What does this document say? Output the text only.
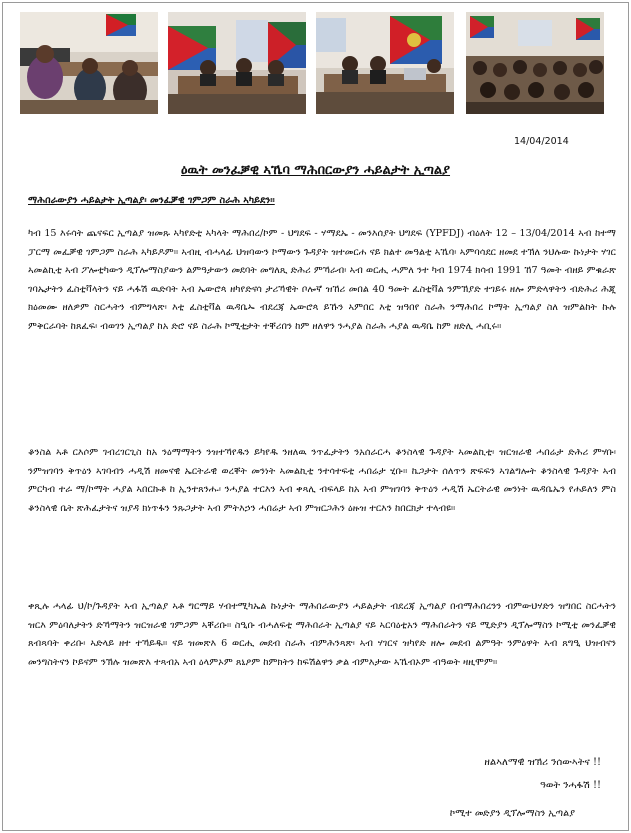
14/04/2014
ዕዉት መንፈቓዊ ኣኼባ ማሕበርውያን ሓይልታት ኢጣልያ
ማሕበራውያን ሓይልታት ኢጣልያ፡ መንፈቓዊ ገምጋም ስራሕ ኣካይደን።
ካብ 15 እሩሳት ጨናፍር ኢጣልያ ዝመጹ ኣካየድቲ ኣካላት ማሕበረ/ኮም - ህግደፍ - ሃማደኤ - መንእሰያት ህግደፍ (YPFDJ) ብዕለት 12 – 13/04/2014 ኣብ ከተማ ፓርማ መፈቓዊ ገምጋም ስራሕ ኣካይዶም። ኣብዚ ብሓላፊ ህዝባውን ኮማውን ጉዳያት ዝተመርሐ ናይ ክልተ መዓልቲ ኣኼባ፡ ኣምባሳደር ዘመደ ተኽለ ንህሉው ኩነታት ሃገር ኣመልኪቲ ኣብ ፖሎቲካውን ዲፕሎማስያውን ልምዓታውን መደባት መግለጺ ድሕሪ ምኻራብ፡ ኣብ ወርሒ ሓምለ ንተ ካብ 1974 ክሳብ 1991 ኸ7 ዓመት ብዘይ ምቁራጽ ገባኤታትን ፈስቲቫላትን ናይ ሓፋሽ ዉድባት ኣብ ኤውሮጳ ዘካየድናሳ ታሪኻዊት ቦሎኛ ዝኸሪ መበል 40 ዓመት ፈስቲቫል ንምኽያድ ተገይሩ ዘሎ ምድላዋትን ብድሕሪ ሕጂ ክዕመሙ ዘለዎም ስርሓትን ብምግላጽ፡ እቲ ፈስቲቫል ዉዳቤኡ ብደረጃ ኤውሮጳ ይኹን ኣምበር እቲ ዝዓበየ ስራሕ ንማሕበረ ኮማት ኢጣልያ ስለ ዝምልከት ኩሉ ምቅርራባት ከጸፈፍ፡ ብወገን ኢጣልያ ከአ ድሮ ናይ ስራሕ ኮሚቲታት ተቐሪበን ከም ዘለዋን ንሓያል ስራሕ ሓያል ዉዳቤ ከም ዘድሊ ሓቢሩ።
ቆንስል ኣቶ ርእሶም ገብረገርጊስ ከአ ንዕማማትን ንዝተኻየዱን ይካየዱ ንዘለዉ ንጥፈታትን ንአሰራርሓ ቆንስላዊ ጉዳያት ኣመልኪቲ፡ ዝርዝራዊ ሓበሬታ ድሕሪ ምሃቡ፡ ንምዝገባን ቅጥዕን ኣገባብን ሓዲሽ ዘመናዊ ኤርትራዊ ወረቐት መንነት ኣመልኪቲ ንተሳተፍቲ ሓበሬታ ሂቡ። ኬጋታት ሰለጥን ጽፍፍን ኣገልግሎት ቆንስላዊ ጉዳያት ኣብ ምርካብ ተራ ማ/ኮማት ሓያል ኣበርኩቶ ከ ኢንተጸንሑ፡ ንሓያል ተርእን ኣብ ቀጻሊ ብፍላይ ከአ ኣብ ምዝገባን ቅጥዕን ሓዲሽ ኤርትራዊ መንነት ዉዳቤኤን የሐይለን ምስ ቆንስላዊ ቤት ጽሕፈታትና ዝያዳ ክነጥፋን ንጹጋታት ኣብ ምትእኃን ሓበሬታ ኣብ ምዝርጋሕን ዕዙዝ ተርእን ከበርክታ ተላብዩ።
ቀጺሉ ሓላፊ ህ/ኮ/ጉዳያት ኣብ ኢጣልያ ኣቶ ግርማይ ሃብተሚካኤል ኩነታት ማሕበራውያን ሓይልታት ብደረጃ ኢጣልያ በብማሕበረንን ብምውህሃድን ዝግበር ስርሓትን ዝርእ ምዕባለታትን ድኻማትን ዝርዝራዊ ገምጋም ኣቐሪቡ። ስዒቡ ብሓለፍቲ ማሕበራት ኢጣልያ ናይ ኣርባዕቲአን ማሕበራትን ናይ ሚድያን ዲፕሎማስን ኮሚቲ መንፈቓዊ ጸብጻባት ቀሪቡ፡ ኣድላይ ዘተ ተኻይዱ። ናይ ዝመጽእ 6 ወርሒ መደብ ስራሕ ብምሕንጻጽ፡ ኣብ ሃገርና ዝካየድ ዘሎ መደብ ልምዓት ንምዕዋት ኣብ ጸግዒ ህዝብናን መንግስትናን ኮይናም ንኽሉ ዝመጽእ ተጻብአ ኣብ ዕላምኦም ጸኒዖም ከምክትን ከፍሽልዋን ቃል ብምእታው ኣኼብኦም ብዓወት ዛዚሞም።
ዘልኣለማዊ ዝኽሪ ንሰውኣትና !!
ዓወት ንሓፋሽ !!
ኮሚተ መድያን ዲፕሎማስን ኢጣልያ
